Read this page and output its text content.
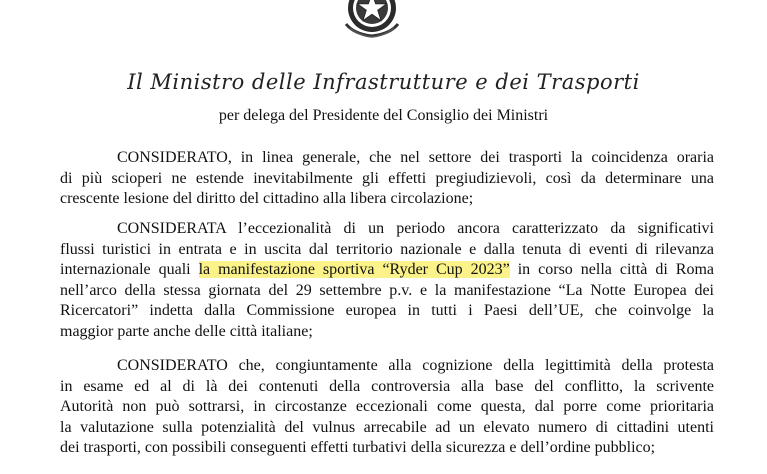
Il Ministro delle Infrastrutture e dei Trasporti
per delega del Presidente del Consiglio dei Ministri
CONSIDERATO, in linea generale, che nel settore dei trasporti la coincidenza oraria
di più scioperi ne estende inevitabilmente gli effetti pregiudizievoli, così da determinare una
crescente lesione del diritto del cittadino alla libera circolazione;
CONSIDERATA l’eccezionalità di un periodo ancora caratterizzato da significativi
flussi turistici in entrata e in uscita dal territorio nazionale e dalla tenuta di eventi di rilevanza
internazionale quali la manifestazione sportiva “Ryder Cup 2023” in corso nella città di Roma
nell’arco della stessa giornata del 29 settembre p.v. e la manifestazione “La Notte Europea dei
Ricercatori” indetta dalla Commissione europea in tutti i Paesi dell’UE, che coinvolge la
maggior parte anche delle città italiane;
CONSIDERATO che, congiuntamente alla cognizione della legittimità della protesta
in esame ed al di là dei contenuti della controversia alla base del conflitto, la scrivente
Autorità non può sottrarsi, in circostanze eccezionali come questa, dal porre come prioritaria
la valutazione sulla potenzialità del vulnus arrecabile ad un elevato numero di cittadini utenti
dei trasporti, con possibili conseguenti effetti turbativi della sicurezza e dell’ordine pubblico;
